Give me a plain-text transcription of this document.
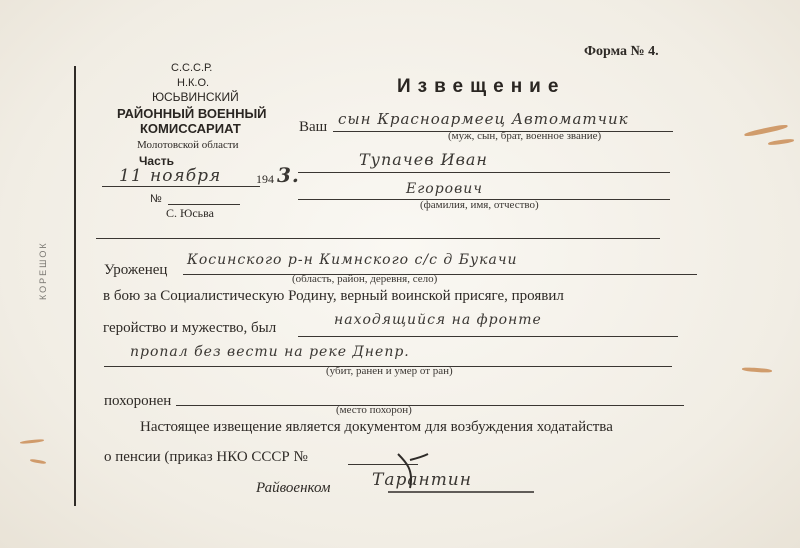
КОРЕШОК
Форма № 4.
Извещение
С.С.С.Р.
Н.К.О.
ЮСЬВИНСКИЙ
РАЙОННЫЙ ВОЕННЫЙ
КОМИССАРИАТ
Молотовской области
Часть
11 ноября	194 3.
№
С. Юсьва
Ваш сын Красноармеец Автоматчик
(муж, сын, брат, военное звание)
Тупачев Иван
Егорович
(фамилия, имя, отчество)
Уроженец
Косинского р-н Кимнского с/с д Букачи
(область, район, деревня, село)
в бою за Социалистическую Родину, верный воинской присяге, проявил
геройство и мужество, был	находящийся на фронте
пропал без вести на реке Днепр.
(убит, ранен и умер от ран)
похоронен
(место похорон)
Настоящее извещение является документом для возбуждения ходатайства
о пенсии (приказ НКО СССР №
Райвоенком Тарантин
